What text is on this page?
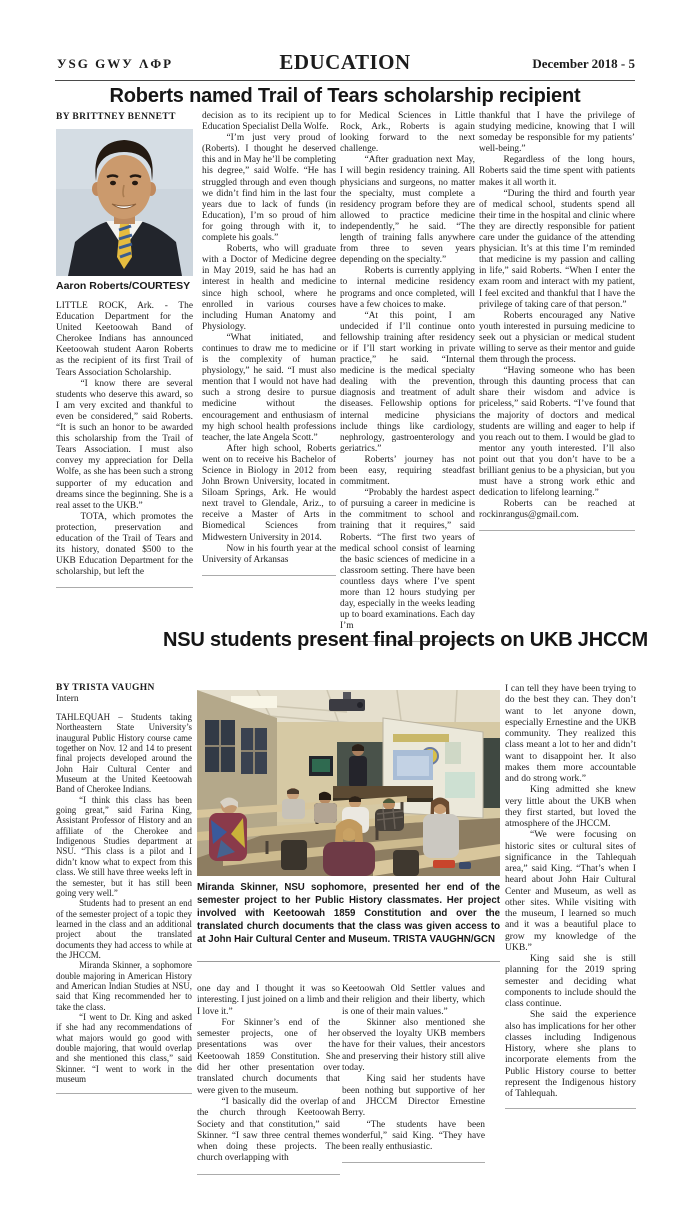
УSG GWУ ΛΦP	EDUCATION	December 2018 - 5
Roberts named Trail of Tears scholarship recipient
BY BRITTNEY BENNETT
Aaron Roberts/COURTESY

LITTLE ROCK, Ark. - The Education Department for the United Keetoowah Band of Cherokee Indians has announced Keetoowah student Aaron Roberts as the recipient of its first Trail of Tears Association Scholarship.

“I know there are several students who deserve this award, so I am very excited and thankful to even be considered,” said Roberts. “It is such an honor to be awarded this scholarship from the Trail of Tears Association. I must also convey my appreciation for Della Wolfe, as she has been such a strong supporter of my education and dreams since the beginning. She is a real asset to the UKB.”

TOTA, which promotes the protection, preservation and education of the Trail of Tears and its history, donated $500 to the UKB Education Department for the scholarship, but left the

decision as to its recipient up to Education Specialist Della Wolfe.

“I’m just very proud of (Roberts). I thought he deserved this and in May he’ll be completing his degree,” said Wolfe. “He has struggled through and even though we didn’t find him in the last four years due to lack of funds (in Education), I’m so proud of him for going through with it, to complete his goals.”

Roberts, who will graduate with a Doctor of Medicine degree in May 2019, said he has had an interest in health and medicine since high school, where he enrolled in various courses including Human Anatomy and Physiology.

“What initiated, and continues to draw me to medicine is the complexity of human physiology,” he said. “I must also mention that I would not have had such a strong desire to pursue medicine without the encouragement and enthusiasm of my high school health professions teacher, the late Angela Scott.”

After high school, Roberts went on to receive his Bachelor of Science in Biology in 2012 from John Brown University, located in Siloam Springs, Ark. He would next travel to Glendale, Ariz., to receive a Master of Arts in Biomedical Sciences from Midwestern University in 2014.

Now in his fourth year at the University of Arkansas

for Medical Sciences in Little Rock, Ark., Roberts is again looking forward to the next challenge.

“After graduation next May, I will begin residency training. All physicians and surgeons, no matter the specialty, must complete a residency program before they are allowed to practice medicine independently,” he said. “The length of training falls anywhere from three to seven years depending on the specialty.”

Roberts is currently applying to internal medicine residency programs and once completed, will have a few choices to make.

“At this point, I am undecided if I’ll continue onto fellowship training after residency or if I’ll start working in private practice,” he said. “Internal medicine is the medical specialty dealing with the prevention, diagnosis and treatment of adult diseases. Fellowship options for internal medicine physicians include things like cardiology, nephrology, gastroenterology and geriatrics.”

Roberts’ journey has not been easy, requiring steadfast commitment.

“Probably the hardest aspect of pursuing a career in medicine is the commitment to school and training that it requires,” said Roberts. “The first two years of medical school consist of learning the basic sciences of medicine in a classroom setting. There have been countless days where I’ve spent more than 12 hours studying per day, especially in the weeks leading up to board examinations. Each day I’m

thankful that I have the privilege of studying medicine, knowing that I will someday be responsible for my patients’ well-being.”

Regardless of the long hours, Roberts said the time spent with patients makes it all worth it.

“During the third and fourth year of medical school, students spend all their time in the hospital and clinic where they are directly responsible for patient care under the guidance of the attending physician. It’s at this time I’m reminded that medicine is my passion and calling in life,” said Roberts. “When I enter the exam room and interact with my patient, I feel excited and thankful that I have the privilege of taking care of that person.”

Roberts encouraged any Native youth interested in pursuing medicine to seek out a physician or medical student willing to serve as their mentor and guide them through the process.

“Having someone who has been through this daunting process that can share their wisdom and advice is priceless,” said Roberts. “I’ve found that the majority of doctors and medical students are willing and eager to help if you reach out to them. I would be glad to mentor any youth interested. I’ll also point out that you don’t have to be a brilliant genius to be a physician, but you must have a strong work ethic and dedication to lifelong learning.”

Roberts can be reached at rockinrangus@gmail.com.

NSU students present final projects on UKB JHCCM
BY TRISTA VAUGHN
Intern

TAHLEQUAH – Students taking Northeastern State University’s inaugural Public History course came together on Nov. 12 and 14 to present final projects developed around the John Hair Cultural Center and Museum at the United Keetoowah Band of Cherokee Indians.

“I think this class has been going great,” said Farina King, Assistant Professor of History and an affiliate of the Cherokee and Indigenous Studies department at NSU. “This class is a pilot and I didn’t know what to expect from this class. We still have three weeks left in the semester, but it has still been going very well.”

Students had to present an end of the semester project of a topic they learned in the class and an additional project about the translated documents they had access to while at the JHCCM.

Miranda Skinner, a sophomore double majoring in American History and American Indian Studies at NSU, said that King recommended her to take the class.

“I went to Dr. King and asked if she had any recommendations of what majors would go good with double majoring, that would overlap and she mentioned this class,” said Skinner. “I went to work in the museum

Miranda Skinner, NSU sophomore, presented her end of the semester project to her Public History classmates. Her project involved with Keetoowah 1859 Constitution and over the translated church documents that the class was given access to at John Hair Cultural Center and Museum. TRISTA VAUGHN/GCN

one day and I thought it was so interesting. I just joined on a limb and I love it.”

For Skinner’s end of the semester projects, one of her presentations was over the Keetoowah 1859 Constitution. She did her other presentation over translated church documents that were given to the museum.

“I basically did the overlap of the church through Keetoowah Society and that constitution,” said Skinner. “I saw three central themes when doing these projects. The church overlapping with

Keetoowah Old Settler values and their religion and their liberty, which is one of their main values.”

Skinner also mentioned she observed the loyalty UKB members have for their values, their ancestors and preserving their history still alive today.

King said her students have been nothing but supportive of her and JHCCM Director Ernestine Berry.

“The students have been wonderful,” said King. “They have been really enthusiastic.

I can tell they have been trying to do the best they can. They don’t want to let anyone down, especially Ernestine and the UKB community. They realized this class meant a lot to her and didn’t want to disappoint her. It also makes them more accountable and do strong work.”

King admitted she knew very little about the UKB when they first started, but loved the atmosphere of the JHCCM.

“We were focusing on historic sites or cultural sites of significance in the Tahlequah area,” said King. “That’s when I heard about John Hair Cultural Center and Museum, as well as other sites. While visiting with the museum, I learned so much and it was a beautiful place to grow my knowledge of the UKB.”

King said she is still planning for the 2019 spring semester and deciding what components to include should the class continue.

She said the experience also has implications for her other classes including Indigenous History, where she plans to incorporate elements from the Public History course to better represent the Indigenous history of Tahlequah.
